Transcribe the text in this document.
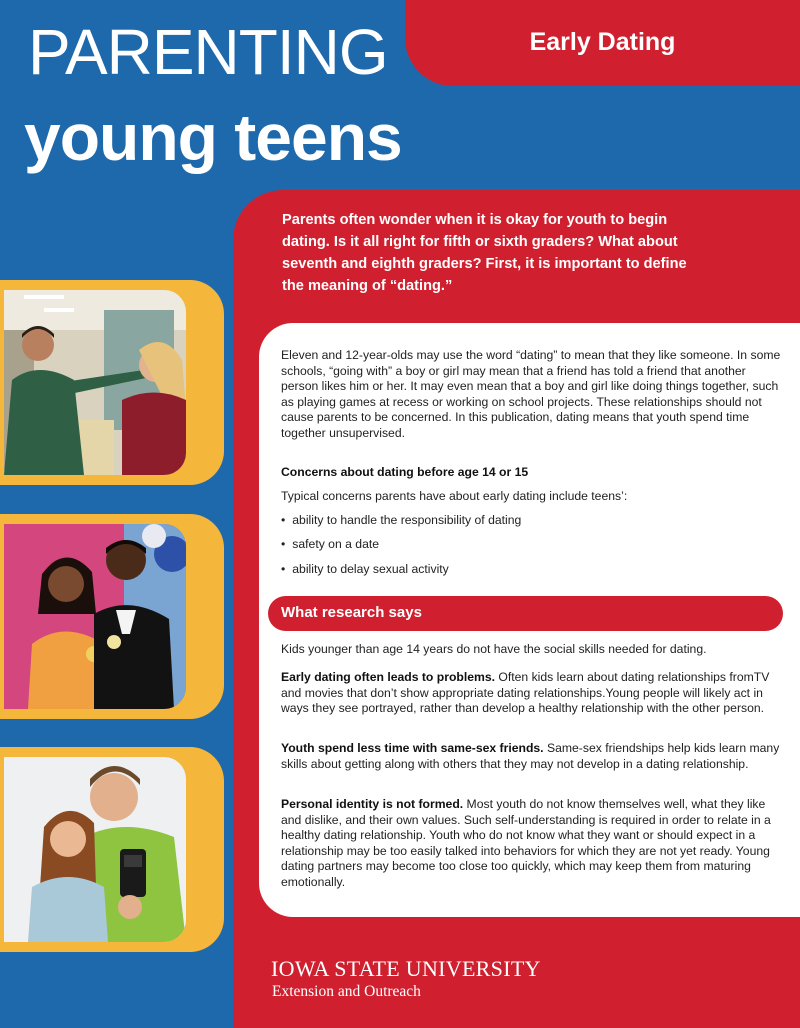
Early Dating
PARENTING
young teens
Parents often wonder when it is okay for youth to begin dating. Is it all right for fifth or sixth graders? What about seventh and eighth graders? First, it is important to define the meaning of “dating.”
Eleven and 12-year-olds may use the word “dating” to mean that they like someone. In some schools, “going with” a boy or girl may mean that a friend has told a friend that another person likes him or her. It may even mean that a boy and girl like doing things together, such as playing games at recess or working on school projects. These relationships should not cause parents to be concerned. In this publication, dating means that youth spend time together unsupervised.
Concerns about dating before age 14 or 15
Typical concerns parents have about early dating include teens’:
• ability to handle the responsibility of dating
• safety on a date
• ability to delay sexual activity
What research says
Kids younger than age 14 years do not have the social skills needed for dating.
Early dating often leads to problems. Often kids learn about dating relationships fromTV and movies that don’t show appropriate dating relationships.Young people will likely act in ways they see portrayed, rather than develop a healthy relationship with the other person.
Youth spend less time with same-sex friends. Same-sex friendships help kids learn many skills about getting along with others that they may not develop in a dating relationship.
Personal identity is not formed. Most youth do not know themselves well, what they like and dislike, and their own values. Such self-understanding is required in order to relate in a healthy dating relationship. Youth who do not know what they want or should expect in a relationship may be too easily talked into behaviors for which they are not yet ready. Young dating partners may become too close too quickly, which may keep them from maturing emotionally.
IOWA STATE UNIVERSITY
Extension and Outreach
